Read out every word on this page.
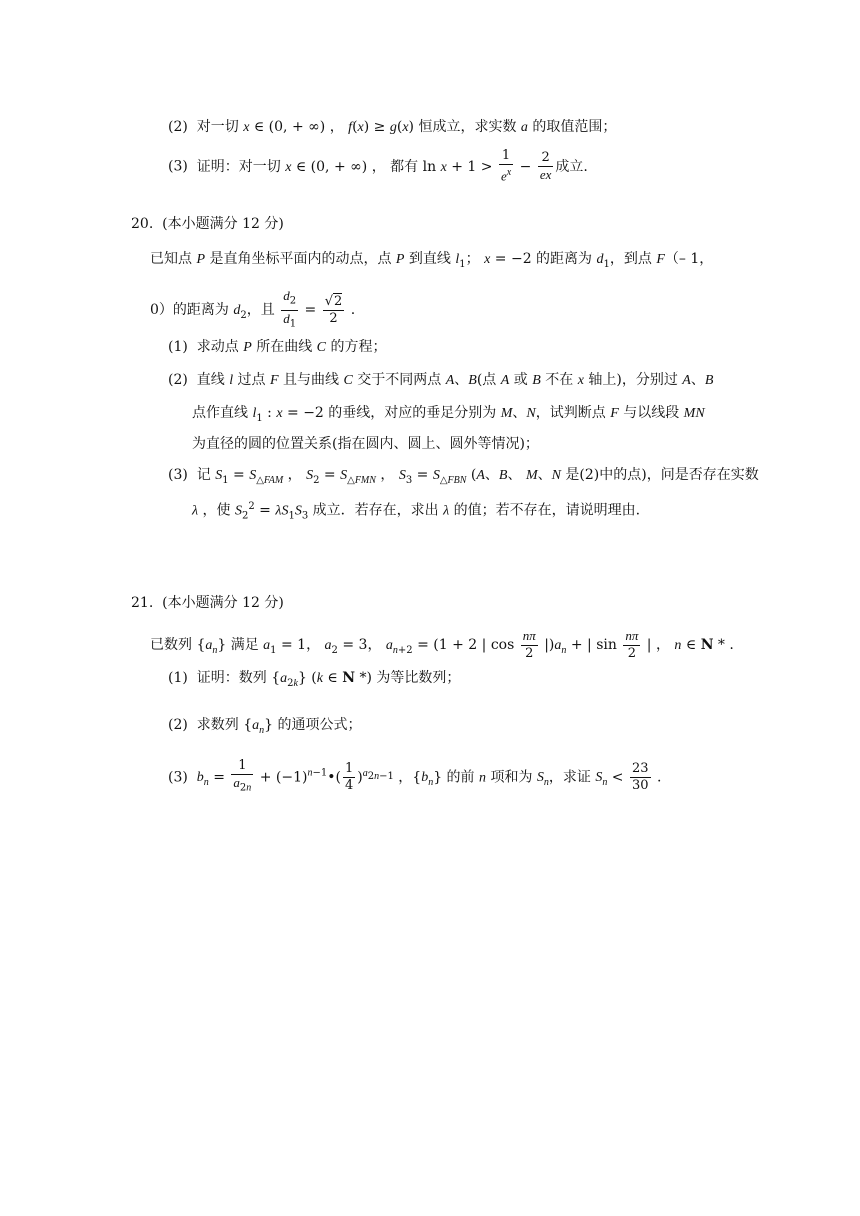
(2) 对一切 x ∈ (0, + ∞) ， f(x) ≥ g(x) 恒成立，求实数 a 的取值范围；
(3) 证明：对一切 x ∈ (0, + ∞) ， 都有 $\ln x + 1 > \frac{1}{e^x} - \frac{2}{ex}$ 成立.
20. (本小题满分 12 分)
已知点 P 是直角坐标平面内的动点，点 P 到直线 $l_1$； x = −2 的距离为 $d_1$，到点 F（– 1，
0）的距离为 $d_2$，且 $\frac{d_2}{d_1} = \frac{√2}{2}$ .
(1) 求动点 P 所在曲线 C 的方程；
(2)  直线 l 过点 F 且与曲线 C 交于不同两点 A、B(点 A 或 B 不在 x 轴上)，分别过 A、B
点作直线 $l_1$ : x = −2 的垂线，对应的垂足分别为 M、N，试判断点 F 与以线段 MN
为直径的圆的位置关系(指在圆内、圆上、圆外等情况)；
(3)  记 $S_1 = S_{\triangle FAM}$ ， $S_2 = S_{\triangle FMN}$ ， $S_3 = S_{\triangle FBN}$ (A、B、 M、N 是(2)中的点)，问是否存在实数
λ ，使 $S_2^2 = \lambda S_1S_3$ 成立．若存在，求出 λ 的值；若不存在，请说明理由.
21. (本小题满分 12 分)
已数列 $\{a_n\}$ 满足 $a_1 = 1$， $a_2 = 3$， $a_{n+2} = (1 + 2$ | $\cos \frac{n\pi}{2} |)a_n$ + | $\sin \frac{n\pi}{2}$ | ， n ∈ N * .
(1)  证明：数列 $\{a_{2k}\}$ (k ∈ N *) 为等比数列；
(2) 求数列 $\{a_n\}$ 的通项公式；
(3) $b_n = \frac{1}{a_{2n}}$ + $(-1)^{n-1}•( \frac{1}{4} )^{a_{2n-1}}$ ，$\{b_n\}$ 的前 n 项和为 $S_n$，求证 $S_n < \frac{23}{30}$ .
